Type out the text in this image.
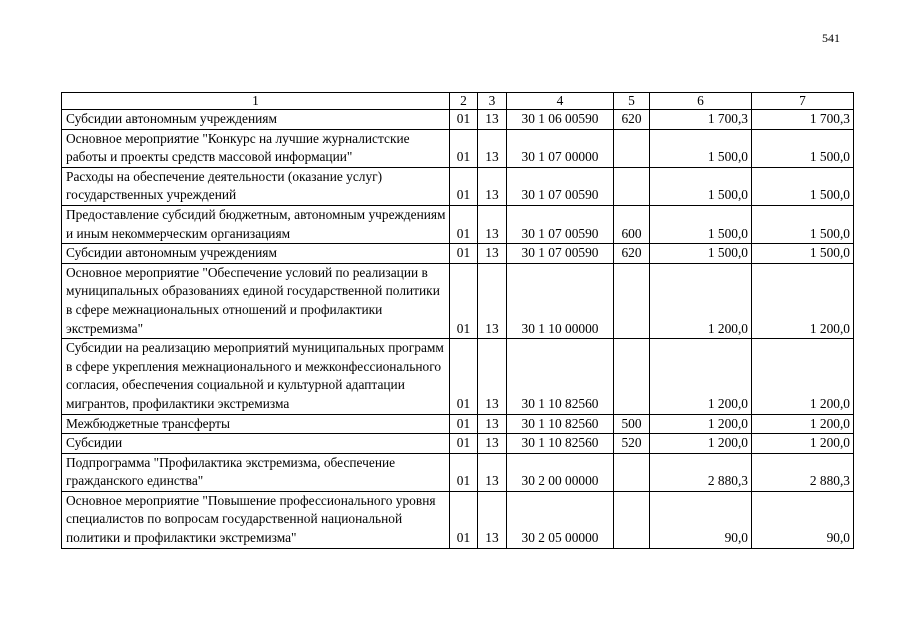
541
1	2	3	4	5	6	7
Субсидии автономным учреждениям	01	13	30 1 06 00590	620	1 700,3	1 700,3
Основное мероприятие "Конкурс на лучшие журналистские работы и проекты средств массовой информации"	01	13	30 1 07 00000		1 500,0	1 500,0
Расходы на обеспечение деятельности (оказание услуг) государственных учреждений	01	13	30 1 07 00590		1 500,0	1 500,0
Предоставление субсидий бюджетным, автономным учреждениям и иным некоммерческим организациям	01	13	30 1 07 00590	600	1 500,0	1 500,0
Субсидии автономным учреждениям	01	13	30 1 07 00590	620	1 500,0	1 500,0
Основное мероприятие "Обеспечение условий по реализации в муниципальных образованиях единой государственной политики в сфере межнациональных отношений и профилактики экстремизма"	01	13	30 1 10 00000		1 200,0	1 200,0
Субсидии на реализацию мероприятий муниципальных программ в сфере укрепления межнационального и межконфессионального согласия, обеспечения социальной и культурной адаптации мигрантов, профилактики экстремизма	01	13	30 1 10 82560		1 200,0	1 200,0
Межбюджетные трансферты	01	13	30 1 10 82560	500	1 200,0	1 200,0
Субсидии	01	13	30 1 10 82560	520	1 200,0	1 200,0
Подпрограмма "Профилактика экстремизма, обеспечение гражданского единства"	01	13	30 2 00 00000		2 880,3	2 880,3
Основное мероприятие "Повышение профессионального уровня специалистов по вопросам государственной национальной политики и профилактики экстремизма"	01	13	30 2 05 00000		90,0	90,0
